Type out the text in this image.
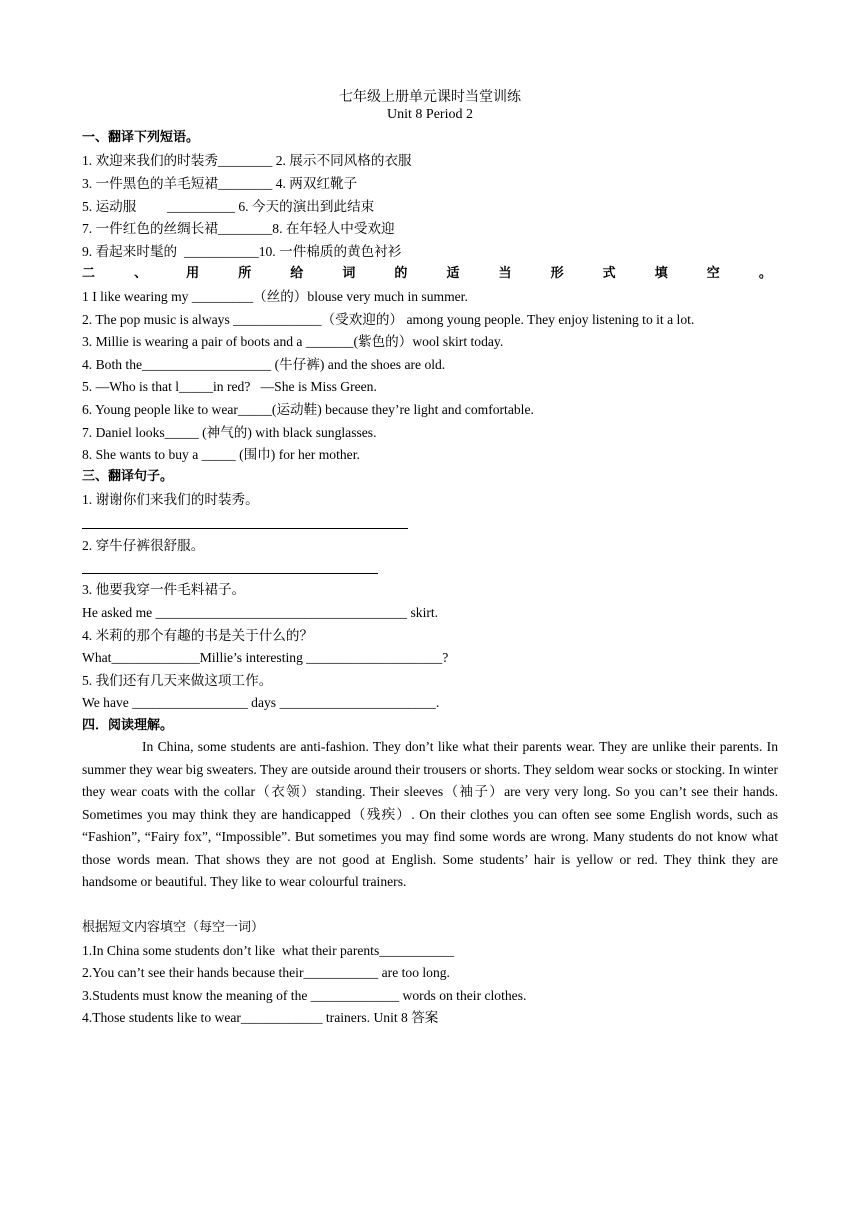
七年级上册单元课时当堂训练
Unit 8 Period 2
一、翻译下列短语。
1. 欢迎来我们的时装秀________ 2. 展示不同风格的衣服
3. 一件黑色的羊毛短裙________ 4. 两双红靴子
5. 运动服         __________ 6. 今天的演出到此结束
7. 一件红色的丝绸长裙________8. 在年轻人中受欢迎
9. 看起来时髦的  ___________10. 一件棉质的黄色衬衫
二	、	用	所	给	词	的	适	当	形	式	填	空	。
1 I like wearing my _________（丝的）blouse very much in summer.
2. The pop music is always _____________（受欢迎的） among young people. They enjoy listening to it a lot.
3. Millie is wearing a pair of boots and a _______(紫色的）wool skirt today.
4. Both the___________________ (牛仔裤) and the shoes are old.
5. —Who is that l_____in red?   —She is Miss Green.
6. Young people like to wear_____(运动鞋) because they’re light and comfortable.
7. Daniel looks_____ (神气的) with black sunglasses.
8. She wants to buy a _____ (围巾) for her mother.
三、翻译句子。
1. 谢谢你们来我们的时装秀。
2. 穿牛仔裤很舒服。
3. 他要我穿一件毛料裙子。
He asked me _____________________________________ skirt.
4. 米莉的那个有趣的书是关于什么的？
What_____________Millie’s interesting ____________________?
5. 我们还有几天来做这项工作。
We have _________________ days _______________________.
四．阅读理解。
In China, some students are anti-fashion. They don’t like what their parents wear. They are unlike their parents. In summer they wear big sweaters. They are outside around their trousers or shorts. They seldom wear socks or stocking. In winter they wear coats with the collar（衣领）standing. Their sleeves（袖子）are very very long. So you can’t see their hands. Sometimes you may think they are handicapped（残疾）. On their clothes you can often see some English words, such as “Fashion”, “Fairy fox”, “Impossible”. But sometimes you may find some words are wrong. Many students do not know what those words mean. That shows they are not good at English. Some students’ hair is yellow or red. They think they are handsome or beautiful. They like to wear colourful trainers.
根据短文内容填空（每空一词）
1.In China some students don’t like  what their parents___________
2.You can’t see their hands because their___________ are too long.
3.Students must know the meaning of the _____________ words on their clothes.
4.Those students like to wear____________ trainers. Unit 8 答案
